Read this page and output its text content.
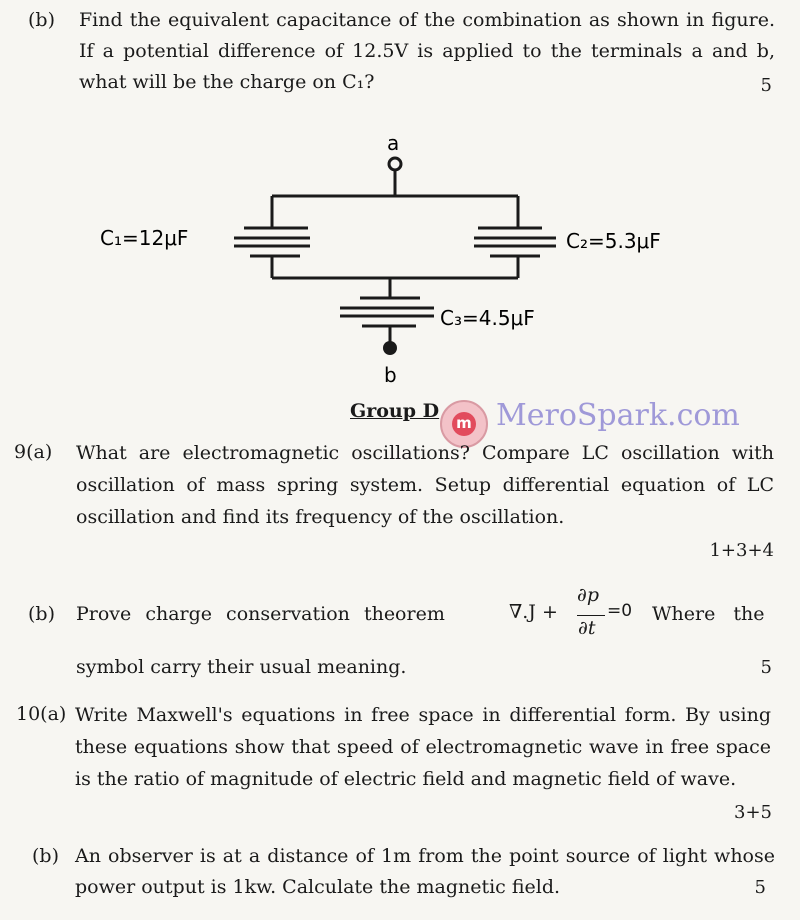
(b) Find the equivalent capacitance of the combination as shown in figure. If a potential difference of 12.5V is applied to the terminals a and b, what will be the charge on C₁?	5
a
b
C₁=12μF	C₂=5.3μF
C₃=4.5μF
Group D
m MeroSpark.com
9(a) What are electromagnetic oscillations? Compare LC oscillation with oscillation of mass spring system. Setup differential equation of LC oscillation and find its frequency of the oscillation.
1+3+4
(b) Prove charge conservation theorem	Where the
symbol carry their usual meaning.	5
∇.J +
∂p
∂t
=0
10(a) Write Maxwell's equations in free space in differential form. By using these equations show that speed of electromagnetic wave in free space is the ratio of magnitude of electric field and magnetic field of wave.
3+5
(b) An observer is at a distance of 1m from the point source of light whose power output is 1kw. Calculate the magnetic field.	5
